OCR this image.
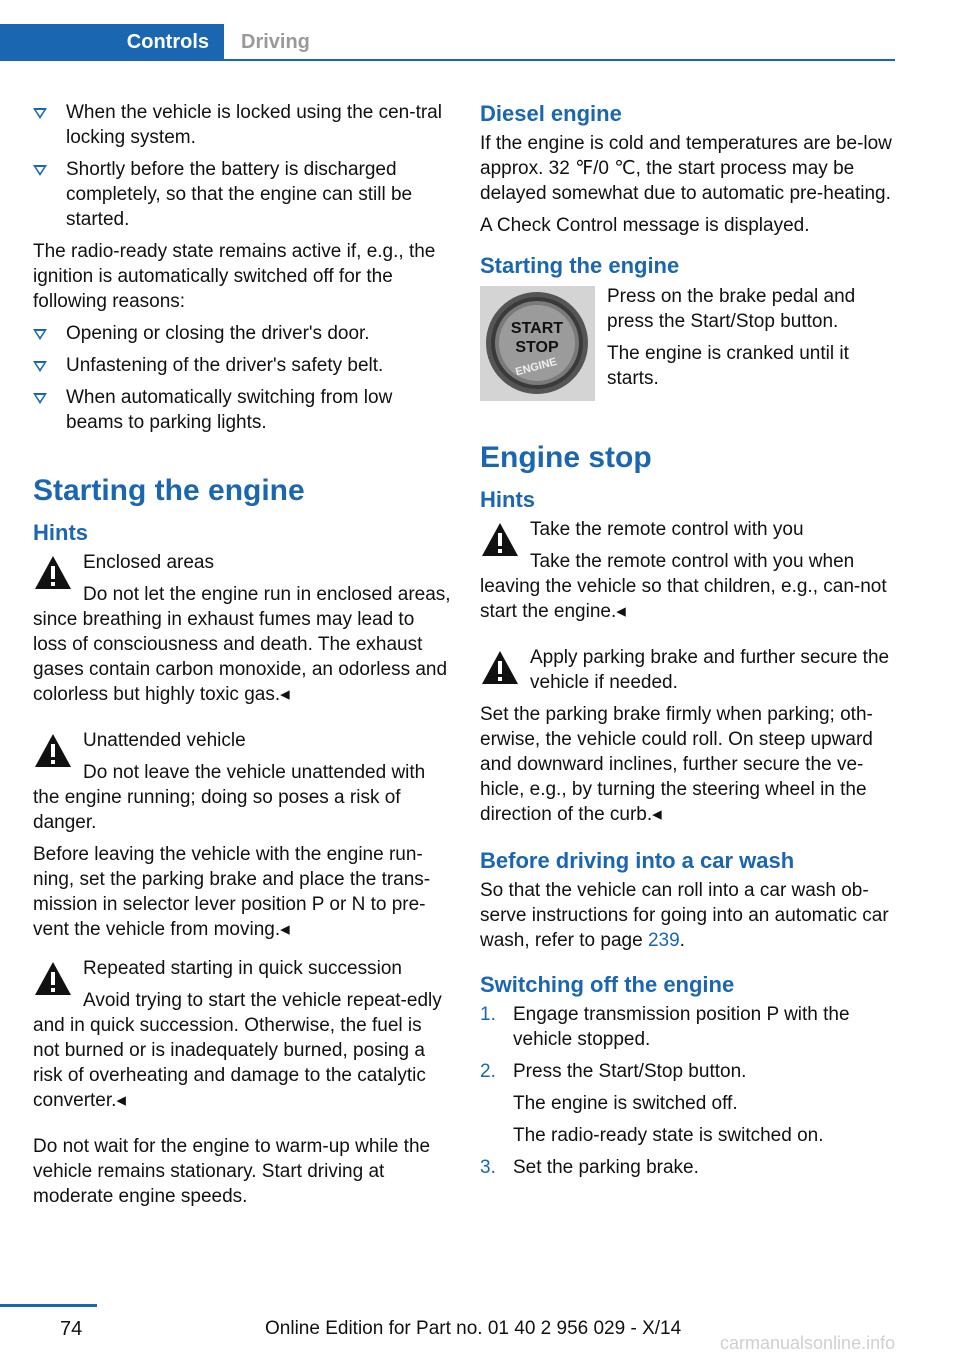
Controls	Driving
When the vehicle is locked using the cen-tral locking system.
Shortly before the battery is discharged completely, so that the engine can still be started.

The radio-ready state remains active if, e.g., the ignition is automatically switched off for the following reasons:

Opening or closing the driver's door.
Unfastening of the driver's safety belt.
When automatically switching from low beams to parking lights.
Starting the engine
Hints
Enclosed areas
Do not let the engine run in enclosed areas, since breathing in exhaust fumes may lead to loss of consciousness and death. The exhaust gases contain carbon monoxide, an odorless and colorless but highly toxic gas.◂
Unattended vehicle
Do not leave the vehicle unattended with the engine running; doing so poses a risk of danger.

Before leaving the vehicle with the engine run-ning, set the parking brake and place the trans-mission in selector lever position P or N to pre-vent the vehicle from moving.◂

Repeated starting in quick succession
Avoid trying to start the vehicle repeat-edly and in quick succession. Otherwise, the fuel is not burned or is inadequately burned, posing a risk of overheating and damage to the catalytic converter.◂

Do not wait for the engine to warm-up while the vehicle remains stationary. Start driving at moderate engine speeds.

Diesel engine

If the engine is cold and temperatures are be-low approx. 32 ℉/0 ℃, the start process may be delayed somewhat due to automatic pre-heating.

A Check Control message is displayed.

Starting the engine
START
STOP
ENGINE

Press on the brake pedal and press the Start/Stop button.

The engine is cranked until it starts.

Engine stop
Hints
Take the remote control with you
Take the remote control with you when leaving the vehicle so that children, e.g., can-not start the engine.◂
Apply parking brake and further secure the vehicle if needed.

Set the parking brake firmly when parking; oth-erwise, the vehicle could roll. On steep upward and downward inclines, further secure the ve-hicle, e.g., by turning the steering wheel in the direction of the curb.◂

Before driving into a car wash

So that the vehicle can roll into a car wash ob-serve instructions for going into an automatic car wash, refer to page 239.

Switching off the engine
1. Engage transmission position P with the vehicle stopped.
2. Press the Start/Stop button.

The engine is switched off.

The radio-ready state is switched on.

3. Set the parking brake.
74	Online Edition for Part no. 01 40 2 956 029 - X/14
carmanualsonline.info
